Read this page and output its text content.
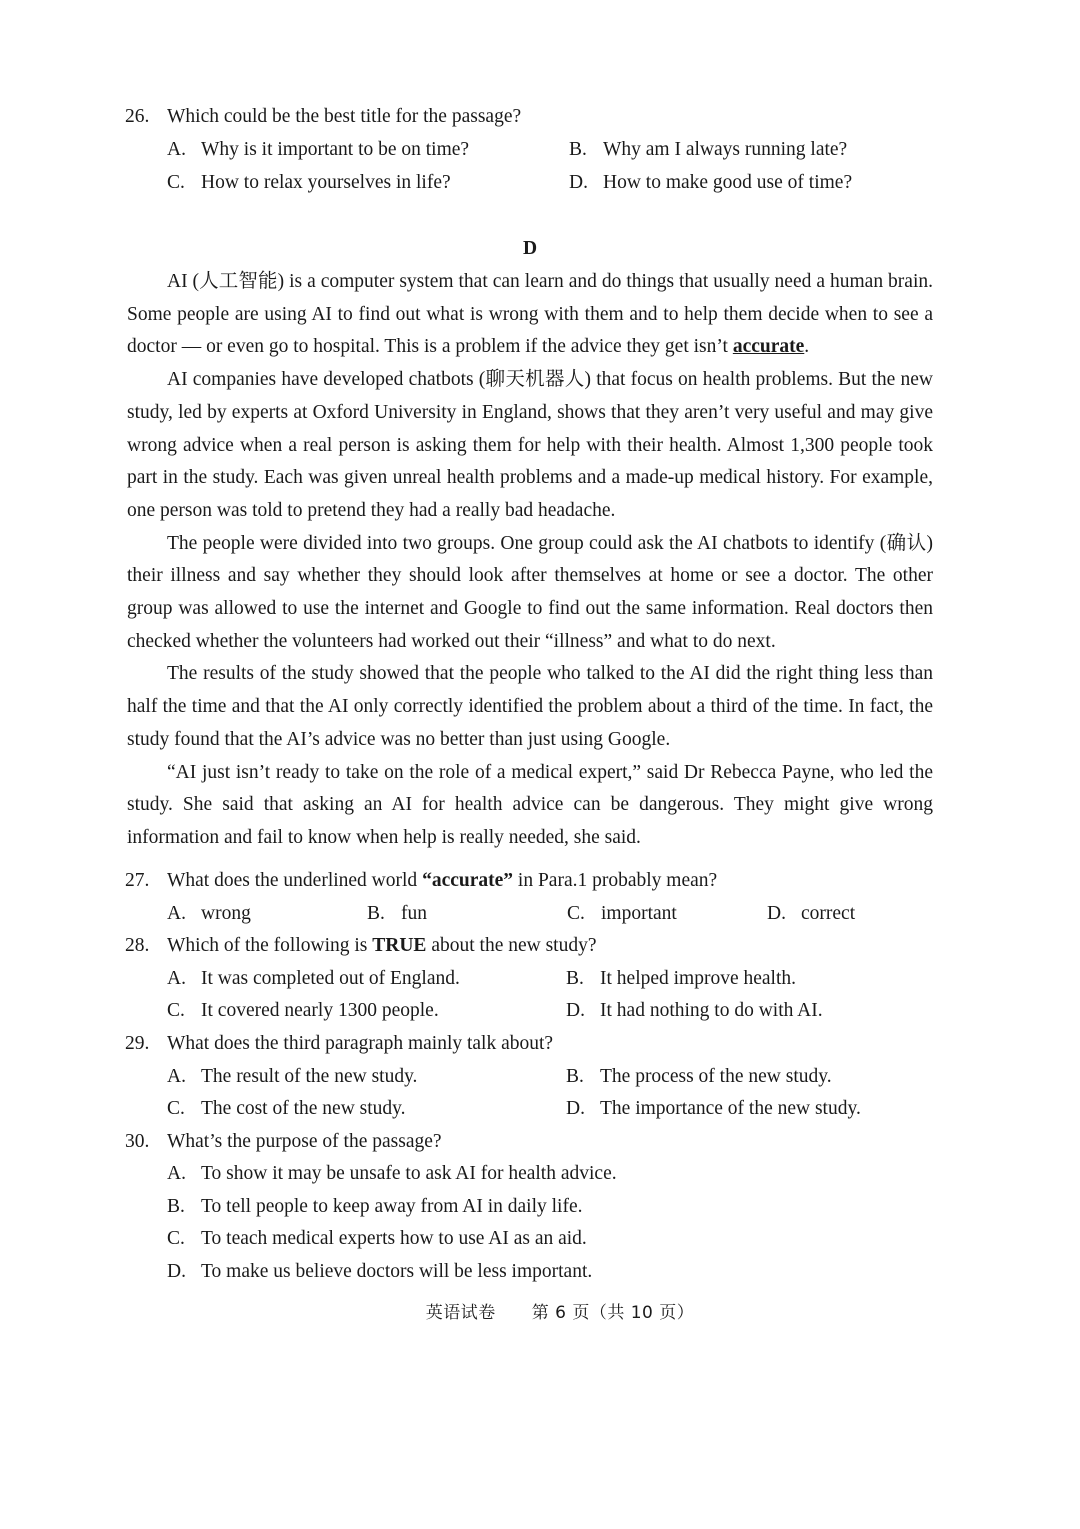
26. Which could be the best title for the passage?
A. Why is it important to be on time?	B. Why am I always running late?
C. How to relax yourselves in life?	D. How to make good use of time?
D

AI (人工智能) is a computer system that can learn and do things that usually need a human brain. Some people are using AI to find out what is wrong with them and to help them decide when to see a doctor — or even go to hospital. This is a problem if the advice they get isn’t accurate.

AI companies have developed chatbots (聊天机器人) that focus on health problems. But the new study, led by experts at Oxford University in England, shows that they aren’t very useful and may give wrong advice when a real person is asking them for help with their health. Almost 1,300 people took part in the study. Each was given unreal health problems and a made-up medical history. For example, one person was told to pretend they had a really bad headache.

The people were divided into two groups. One group could ask the AI chatbots to identify (确认) their illness and say whether they should look after themselves at home or see a doctor. The other group was allowed to use the internet and Google to find out the same information. Real doctors then checked whether the volunteers had worked out their “illness” and what to do next.

The results of the study showed that the people who talked to the AI did the right thing less than half the time and that the AI only correctly identified the problem about a third of the time. In fact, the study found that the AI’s advice was no better than just using Google.

“AI just isn’t ready to take on the role of a medical expert,” said Dr Rebecca Payne, who led the study. She said that asking an AI for health advice can be dangerous. They might give wrong information and fail to know when help is really needed, she said.

27. What does the underlined world “accurate” in Para.1 probably mean?
A. wrong	B. fun	C. important	D. correct
28. Which of the following is TRUE about the new study?
A. It was completed out of England.	B. It helped improve health.
C. It covered nearly 1300 people.	D. It had nothing to do with AI.
29. What does the third paragraph mainly talk about?
A. The result of the new study.	B. The process of the new study.
C. The cost of the new study.	D. The importance of the new study.
30. What’s the purpose of the passage?
A. To show it may be unsafe to ask AI for health advice.
B. To tell people to keep away from AI in daily life.
C. To teach medical experts how to use AI as an aid.
D. To make us believe doctors will be less important.
英语试卷 第 6 页（共 10 页）
